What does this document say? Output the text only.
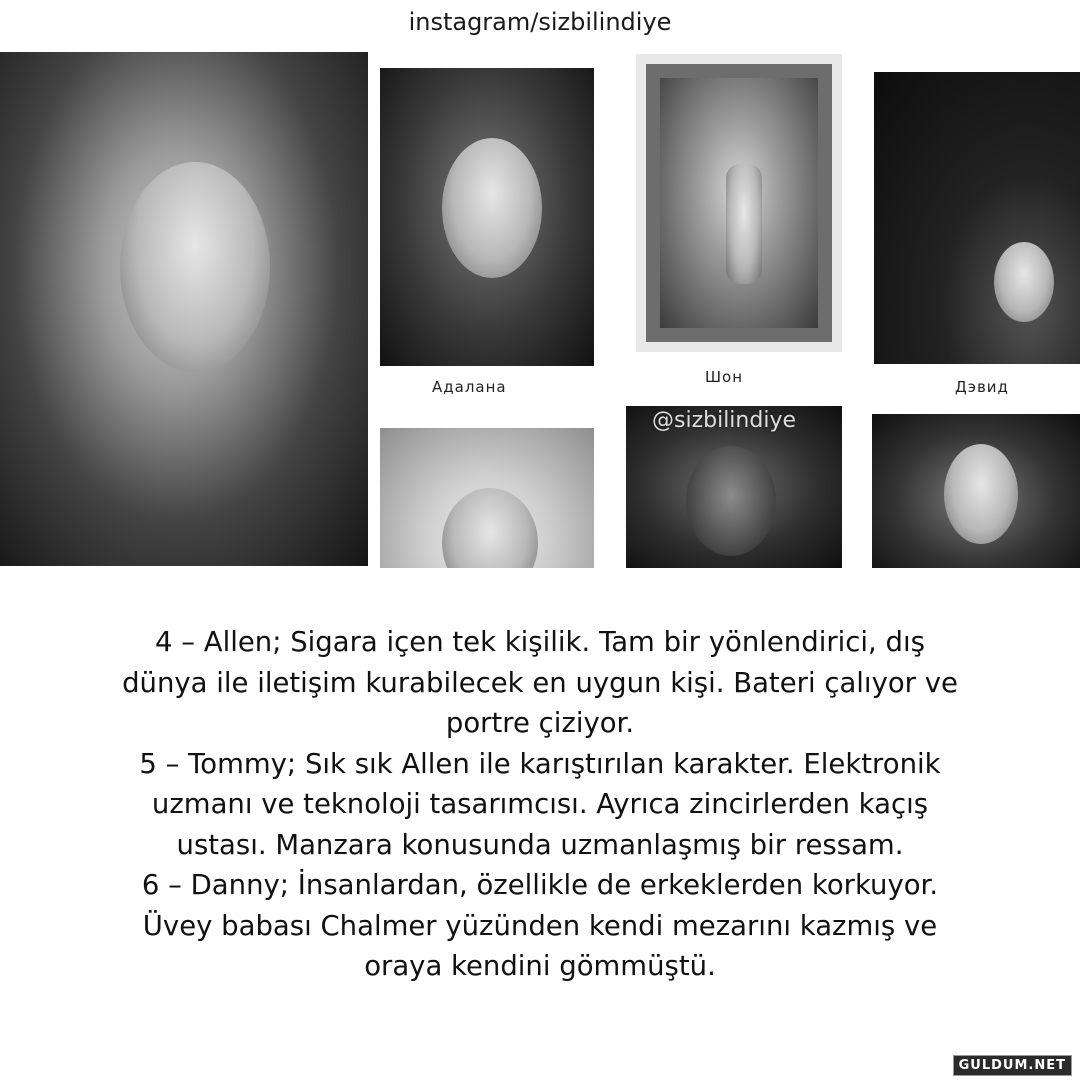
instagram/sizbilindiye
Адалана
Шон
Дэвид
@sizbilindiye

4 – Allen; Sigara içen tek kişilik. Tam bir yönlendirici, dış

dünya ile iletişim kurabilecek en uygun kişi. Bateri çalıyor ve

portre çiziyor.

5 – Tommy; Sık sık Allen ile karıştırılan karakter. Elektronik

uzmanı ve teknoloji tasarımcısı. Ayrıca zincirlerden kaçış

ustası. Manzara konusunda uzmanlaşmış bir ressam.

6 – Danny; İnsanlardan, özellikle de erkeklerden korkuyor.

Üvey babası Chalmer yüzünden kendi mezarını kazmış ve

oraya kendini gömmüştü.

GULDUM.NET
